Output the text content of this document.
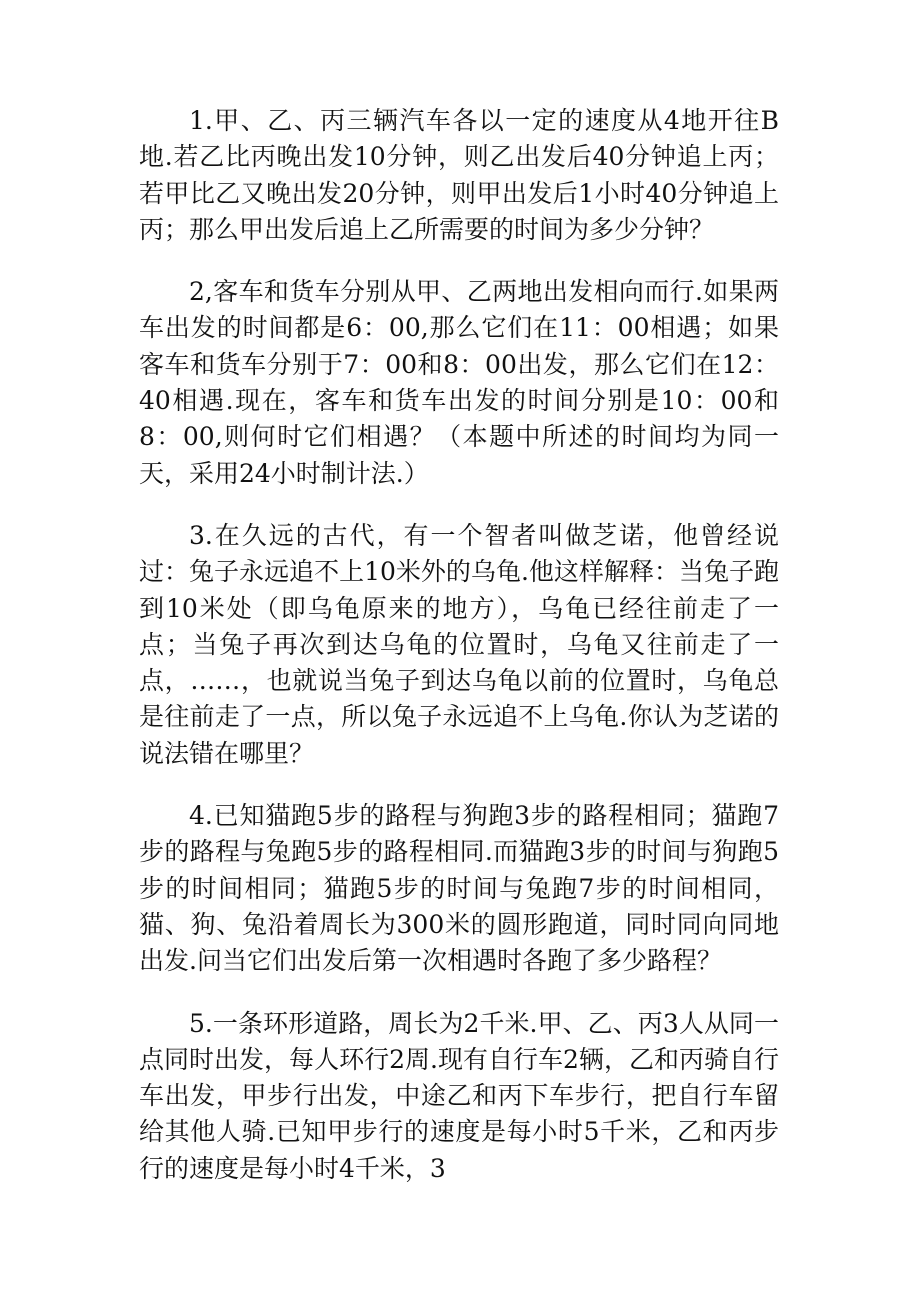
1.甲、乙、丙三辆汽车各以一定的速度从4地开往B地.若乙比丙晚出发10分钟，则乙出发后40分钟追上丙；若甲比乙又晚出发20分钟，则甲出发后1小时40分钟追上丙；那么甲出发后追上乙所需要的时间为多少分钟？

2,客车和货车分别从甲、乙两地出发相向而行.如果两车出发的时间都是6：00,那么它们在11：00相遇；如果客车和货车分别于7：00和8：00出发，那么它们在12：40相遇.现在，客车和货车出发的时间分别是10：00和8：00,则何时它们相遇？（本题中所述的时间均为同一天，采用24小时制计法.）

3.在久远的古代，有一个智者叫做芝诺，他曾经说过：兔子永远追不上10米外的乌龟.他这样解释：当兔子跑到10米处（即乌龟原来的地方），乌龟已经往前走了一点；当兔子再次到达乌龟的位置时，乌龟又往前走了一点，……，也就说当兔子到达乌龟以前的位置时，乌龟总是往前走了一点，所以兔子永远追不上乌龟.你认为芝诺的说法错在哪里？

4.已知猫跑5步的路程与狗跑3步的路程相同；猫跑7步的路程与兔跑5步的路程相同.而猫跑3步的时间与狗跑5步的时间相同；猫跑5步的时间与兔跑7步的时间相同，猫、狗、兔沿着周长为300米的圆形跑道，同时同向同地出发.问当它们出发后第一次相遇时各跑了多少路程？

5.一条环形道路，周长为2千米.甲、乙、丙3人从同一点同时出发，每人环行2周.现有自行车2辆，乙和丙骑自行车出发，甲步行出发，中途乙和丙下车步行，把自行车留给其他人骑.已知甲步行的速度是每小时5千米，乙和丙步行的速度是每小时4千米，3
